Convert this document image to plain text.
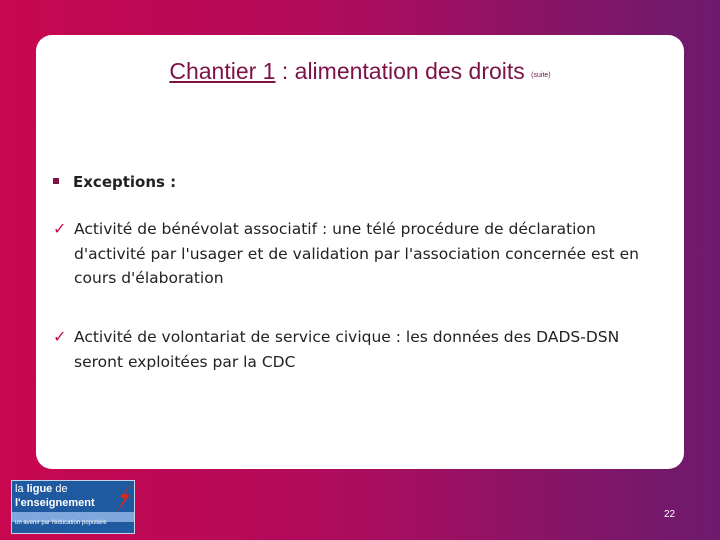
Chantier 1 : alimentation des droits (suite)
Exceptions :
✓ Activité de bénévolat associatif : une télé procédure de déclaration d'activité par l'usager et de validation par l'association concernée est en cours d'élaboration
✓ Activité de volontariat de service civique : les données des DADS-DSN seront exploitées par la CDC
la ligue de
l'enseignement
un avenir par l'éducation populaire
22
